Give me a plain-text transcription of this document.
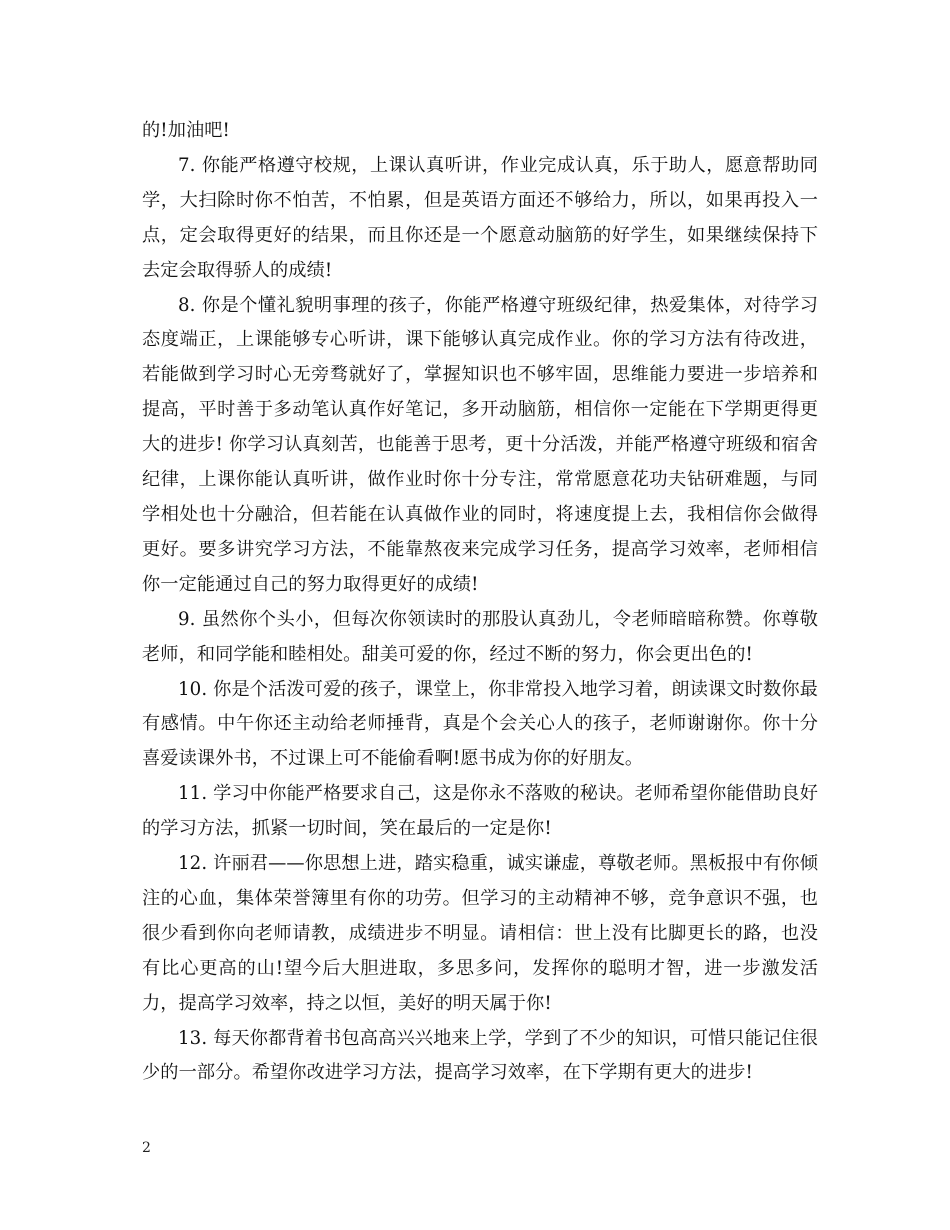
的!加油吧!

7. 你能严格遵守校规，上课认真听讲，作业完成认真，乐于助人，愿意帮助同学，大扫除时你不怕苦，不怕累，但是英语方面还不够给力，所以，如果再投入一点，定会取得更好的结果，而且你还是一个愿意动脑筋的好学生，如果继续保持下去定会取得骄人的成绩!

8. 你是个懂礼貌明事理的孩子，你能严格遵守班级纪律，热爱集体，对待学习态度端正，上课能够专心听讲，课下能够认真完成作业。你的学习方法有待改进，若能做到学习时心无旁骛就好了，掌握知识也不够牢固，思维能力要进一步培养和提高，平时善于多动笔认真作好笔记，多开动脑筋，相信你一定能在下学期更得更大的进步! 你学习认真刻苦，也能善于思考，更十分活泼，并能严格遵守班级和宿舍纪律，上课你能认真听讲，做作业时你十分专注，常常愿意花功夫钻研难题，与同学相处也十分融洽，但若能在认真做作业的同时，将速度提上去，我相信你会做得更好。要多讲究学习方法，不能靠熬夜来完成学习任务，提高学习效率，老师相信你一定能通过自己的努力取得更好的成绩!

9. 虽然你个头小，但每次你领读时的那股认真劲儿，令老师暗暗称赞。你尊敬老师，和同学能和睦相处。甜美可爱的你，经过不断的努力，你会更出色的!

10. 你是个活泼可爱的孩子，课堂上，你非常投入地学习着，朗读课文时数你最有感情。中午你还主动给老师捶背，真是个会关心人的孩子，老师谢谢你。你十分喜爱读课外书，不过课上可不能偷看啊!愿书成为你的好朋友。

11. 学习中你能严格要求自己，这是你永不落败的秘诀。老师希望你能借助良好的学习方法，抓紧一切时间，笑在最后的一定是你!

12. 许丽君——你思想上进，踏实稳重，诚实谦虚，尊敬老师。黑板报中有你倾注的心血，集体荣誉簿里有你的功劳。但学习的主动精神不够，竞争意识不强，也很少看到你向老师请教，成绩进步不明显。请相信：世上没有比脚更长的路，也没有比心更高的山!望今后大胆进取，多思多问，发挥你的聪明才智，进一步激发活力，提高学习效率，持之以恒，美好的明天属于你!

13. 每天你都背着书包高高兴兴地来上学，学到了不少的知识，可惜只能记住很少的一部分。希望你改进学习方法，提高学习效率，在下学期有更大的进步!

2
